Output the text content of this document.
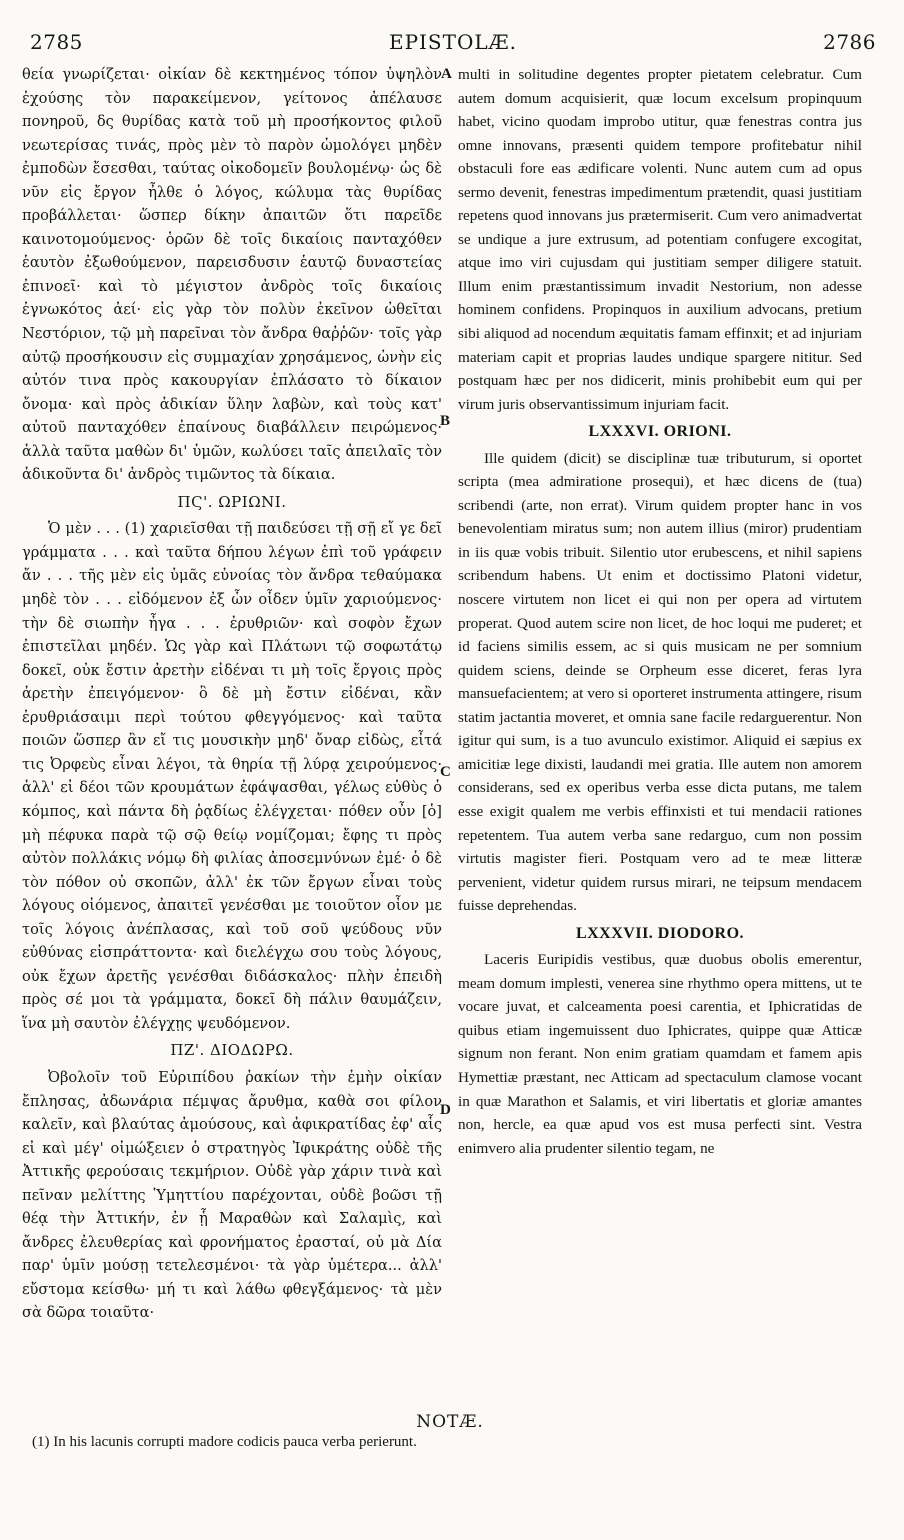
2785	EPISTOLÆ.	2786

θεία γνωρίζεται· οἰκίαν δὲ κεκτημένος τόπον ὑψηλὸν ἐχούσης τὸν παρακείμενον, γείτονος ἀπέλαυσε πονηροῦ, δς θυρίδας κατὰ τοῦ μὴ προσήκοντος φιλοῦ νεωτερίσας τινάς, πρὸς μὲν τὸ παρὸν ὡμολόγει μηδὲν ἐμποδὼν ἔσεσθαι, ταύτας οἰκοδομεῖν βουλομένῳ· ὡς δὲ νῦν εἰς ἔργον ἦλθε ὁ λόγος, κώλυμα τὰς θυρίδας προβάλλεται· ὥσπερ δίκην ἀπαιτῶν ὅτι παρεῖδε καινοτομούμενος· ὁρῶν δὲ τοῖς δικαίοις πανταχόθεν ἑαυτὸν ἐξωθούμενον, παρεισδυσιν ἑαυτῷ δυναστείας ἐπινοεῖ· καὶ τὸ μέγιστον ἀνδρὸς τοῖς δικαίοις ἐγνωκότος ἀεί· εἰς γὰρ τὸν πολὺν ἐκεῖνον ὠθεῖται Νεστόριον, τῷ μὴ παρεῖναι τὸν ἄνδρα θαῤῥῶν· τοῖς γὰρ αὐτῷ προσήκουσιν εἰς συμμαχίαν χρησάμενος, ὠνὴν εἰς αὐτόν τινα πρὸς κακουργίαν ἐπλάσατο τὸ δίκαιον ὄνομα· καὶ πρὸς ἀδικίαν ὕλην λαβὼν, καὶ τοὺς κατ' αὐτοῦ πανταχόθεν ἐπαίνους διαβάλλειν πειρώμενος· ἀλλὰ ταῦτα μαθὼν δι' ὑμῶν, κωλύσει ταῖς ἀπειλαῖς τὸν ἀδικοῦντα δι' ἀνδρὸς τιμῶντος τὰ δίκαια.

ΠϚ'. ΩΡΙΩΝΙ.

Ὁ μὲν . . . (1) χαριεῖσθαι τῇ παιδεύσει τῇ σῇ εἴ γε δεῖ γράμματα . . . καὶ ταῦτα δήπου λέγων ἐπὶ τοῦ γράφειν ἄν . . . τῆς μὲν εἰς ὑμᾶς εὐνοίας τὸν ἄνδρα τεθαύμακα μηδὲ τὸν . . . εἰδόμενον ἐξ ὧν οἶδεν ὑμῖν χαριούμενος· τὴν δὲ σιωπὴν ἦγα . . . ἐρυθριῶν· καὶ σοφὸν ἔχων ἐπιστεῖλαι μηδέν. Ὡς γὰρ καὶ Πλάτωνι τῷ σοφωτάτῳ δοκεῖ, οὐκ ἔστιν ἀρετὴν εἰδέναι τι μὴ τοῖς ἔργοις πρὸς ἀρετὴν ἐπειγόμενον· ὃ δὲ μὴ ἔστιν εἰδέναι, κἂν ἐρυθριάσαιμι περὶ τούτου φθεγγόμενος· καὶ ταῦτα ποιῶν ὥσπερ ἂν εἴ τις μουσικὴν μηδ' ὄναρ εἰδὼς, εἶτά τις Ὀρφεὺς εἶναι λέγοι, τὰ θηρία τῇ λύρᾳ χειρούμενος· ἀλλ' εἰ δέοι τῶν κρουμάτων ἐφάψασθαι, γέλως εὐθὺς ὁ κόμπος, καὶ πάντα δὴ ῥᾳδίως ἐλέγχεται· πόθεν οὖν [ὁ] μὴ πέφυκα παρὰ τῷ σῷ θείῳ νομίζομαι; ἔφης τι πρὸς αὐτὸν πολλάκις νόμῳ δὴ φιλίας ἀποσεμνύνων ἐμέ· ὁ δὲ τὸν πόθον οὐ σκοπῶν, ἀλλ' ἐκ τῶν ἔργων εἶναι τοὺς λόγους οἰόμενος, ἀπαιτεῖ γενέσθαι με τοιοῦτον οἷον με τοῖς λόγοις ἀνέπλασας, καὶ τοῦ σοῦ ψεύδους νῦν εὐθύνας εἰσπράττοντα· καὶ διελέγχω σου τοὺς λόγους, οὐκ ἔχων ἀρετῆς γενέσθαι διδάσκαλος· πλὴν ἐπειδὴ πρὸς σέ μοι τὰ γράμματα, δοκεῖ δὴ πάλιν θαυμάζειν, ἵνα μὴ σαυτὸν ἐλέγχῃς ψευδόμενον.

ΠΖ'. ΔΙΟΔΩΡΩ.

Ὀβολοῖν τοῦ Εὐριπίδου ῥακίων τὴν ἐμὴν οἰκίαν ἔπλησας, ἀδωνάρια πέμψας ἄρυθμα, καθὰ σοι φίλον καλεῖν, καὶ βλαύτας ἀμούσους, καὶ ἀφικρατίδας ἐφ' αἷς εἰ καὶ μέγ' οἰμώξειεν ὁ στρατηγὸς Ἰφικράτης οὐδὲ τῆς Ἀττικῆς φερούσαις τεκμήριον. Οὐδὲ γὰρ χάριν τινὰ καὶ πεῖναν μελίττης Ὑμηττίου παρέχονται, οὐδὲ βοῶσι τῇ θέᾳ τὴν Ἀττικήν, ἐν ᾗ Μαραθὼν καὶ Σαλαμὶς, καὶ ἄνδρες ἐλευθερίας καὶ φρονήματος ἐρασταί, οὐ μὰ Δία παρ' ὑμῖν μούσῃ τετελεσμένοι· τὰ γὰρ ὑμέτερα... ἀλλ' εὔστομα κείσθω· μή τι καὶ λάθω φθεγξάμενος· τὰ μὲν σὰ δῶρα τοιαῦτα·

A
B
C
D

multi in solitudine degentes propter pietatem celebratur. Cum autem domum acquisierit, quæ locum excelsum propinquum habet, vicino quodam improbo utitur, quæ fenestras contra jus omne innovans, præsenti quidem tempore profitebatur nihil obstaculi fore eas ædificare volenti. Nunc autem cum ad opus sermo devenit, fenestras impedimentum prætendit, quasi justitiam repetens quod innovans jus prætermiserit. Cum vero animadvertat se undique a jure extrusum, ad potentiam confugere excogitat, atque imo viri cujusdam qui justitiam semper diligere statuit. Illum enim præstantissimum invadit Nestorium, non adesse hominem confidens. Propinquos in auxilium advocans, pretium sibi aliquod ad nocendum æquitatis famam effinxit; et ad injuriam materiam capit et proprias laudes undique spargere nititur. Sed postquam hæc per nos didicerit, minis prohibebit eum qui per virum juris observantissimum injuriam facit.

LXXXVI. ORIONI.

Ille quidem (dicit) se disciplinæ tuæ tributurum, si oportet scripta (mea admiratione prosequi), et hæc dicens de (tua) scribendi (arte, non errat). Virum quidem propter hanc in vos benevolentiam miratus sum; non autem illius (miror) prudentiam in iis quæ vobis tribuit. Silentio utor erubescens, et nihil sapiens scribendum habens. Ut enim et doctissimo Platoni videtur, noscere virtutem non licet ei qui non per opera ad virtutem properat. Quod autem scire non licet, de hoc loqui me puderet; et id faciens similis essem, ac si quis musicam ne per somnium quidem sciens, deinde se Orpheum esse diceret, feras lyra mansuefacientem; at vero si oporteret instrumenta attingere, risum statim jactantia moveret, et omnia sane facile redarguerentur. Non igitur qui sum, is a tuo avunculo existimor. Aliquid ei sæpius ex amicitiæ lege dixisti, laudandi mei gratia. Ille autem non amorem considerans, sed ex operibus verba esse dicta putans, me talem esse exigit qualem me verbis effinxisti et tui mendacii rationes repetentem. Tua autem verba sane redarguo, cum non possim virtutis magister fieri. Postquam vero ad te meæ litteræ pervenient, videtur quidem rursus mirari, ne teipsum mendacem fuisse deprehendas.

LXXXVII. DIODORO.

Laceris Euripidis vestibus, quæ duobus obolis emerentur, meam domum implesti, venerea sine rhythmo opera mittens, ut te vocare juvat, et calceamenta poesi carentia, et Iphicratidas de quibus etiam ingemuissent duo Iphicrates, quippe quæ Atticæ signum non ferant. Non enim gratiam quamdam et famem apis Hymettiæ præstant, nec Atticam ad spectaculum clamose vocant in quæ Marathon et Salamis, et viri libertatis et gloriæ amantes non, hercle, ea quæ apud vos est musa perfecti sint. Vestra enimvero alia prudenter silentio tegam, ne

NOTÆ.

(1) In his lacunis corrupti madore codicis pauca verba perierunt.
